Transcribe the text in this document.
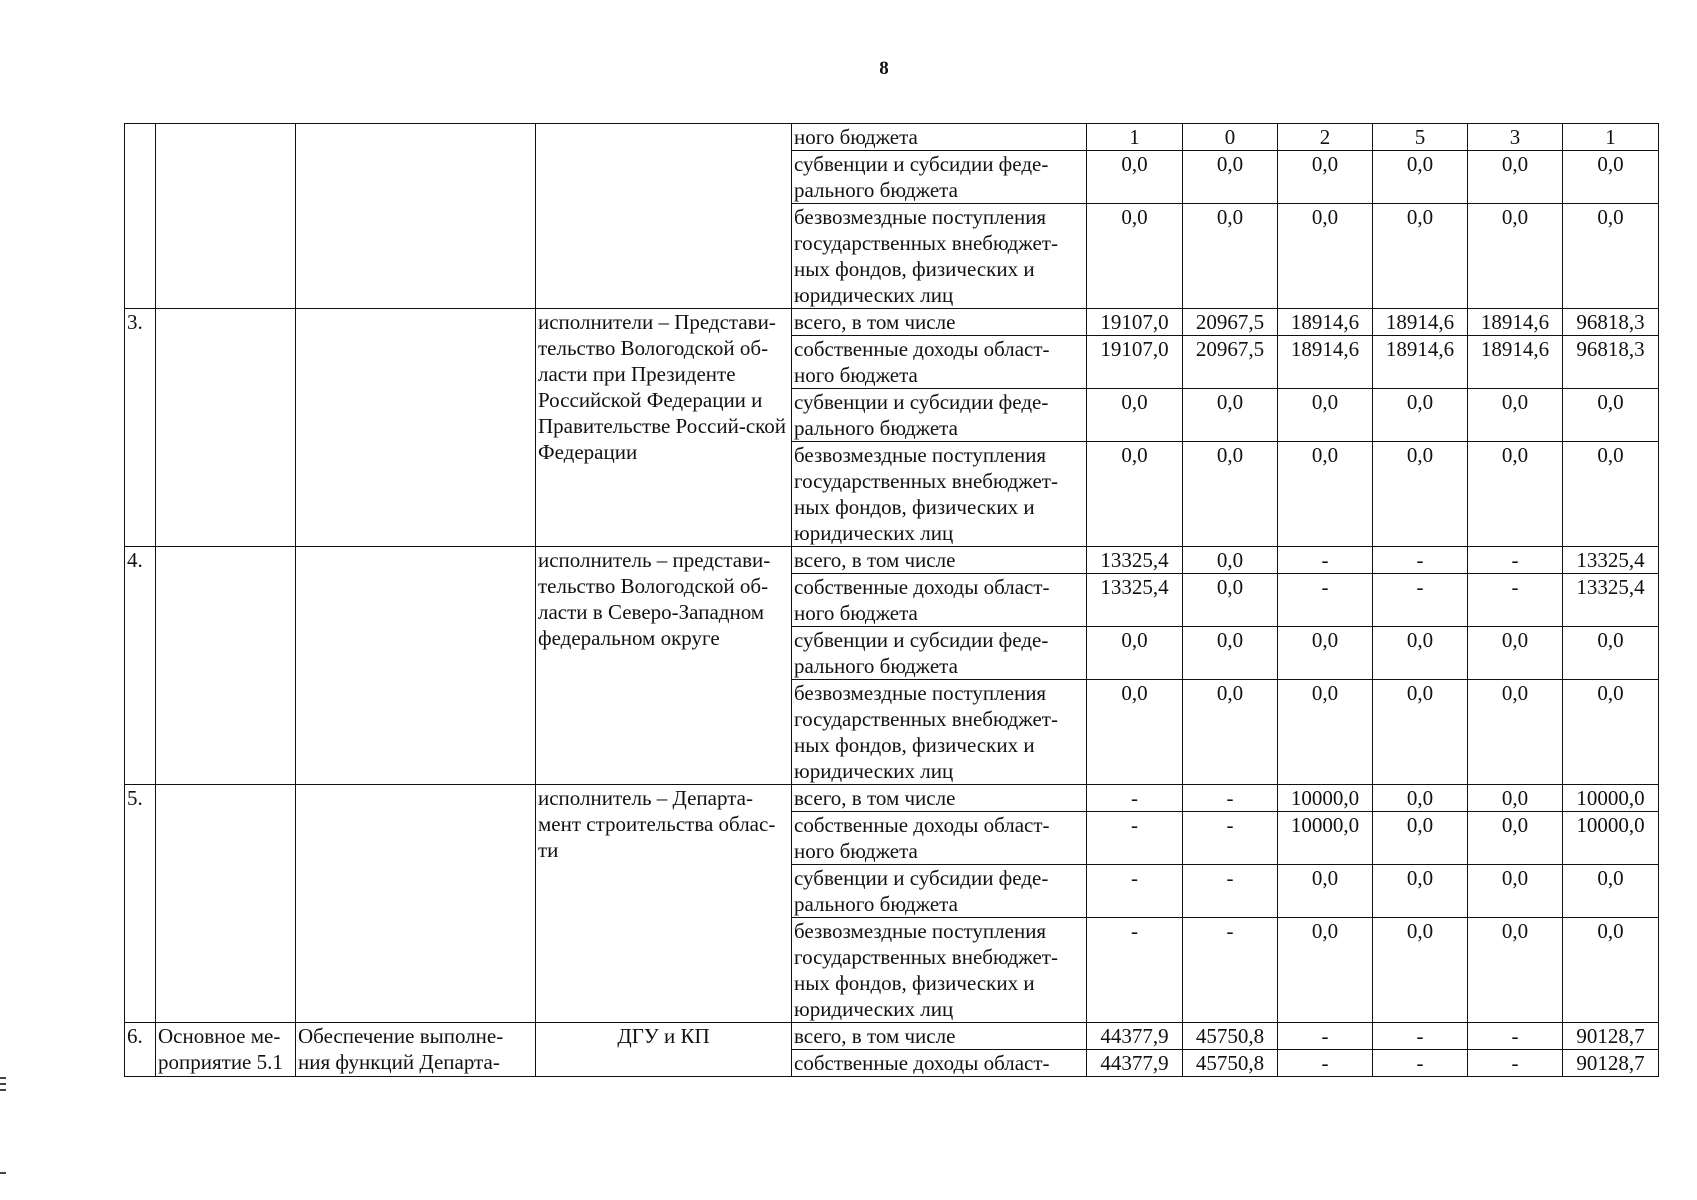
8
				ного бюджета	1	0	2	5	3	1
				субвенции и субсидии феде- рального бюджета	0,0	0,0	0,0	0,0	0,0	0,0
				безвозмездные поступления государственных внебюджет-ных фондов, физических и юридических лиц	0,0	0,0	0,0	0,0	0,0	0,0
3.			исполнители – Представи-тельство Вологодской об-ласти при Президенте Российской Федерации и Правительстве Россий-ской Федерации	всего, в том числе	19107,0	20967,5	18914,6	18914,6	18914,6	96818,3
				собственные доходы област-ного бюджета	19107,0	20967,5	18914,6	18914,6	18914,6	96818,3
				субвенции и субсидии феде-рального бюджета	0,0	0,0	0,0	0,0	0,0	0,0
				безвозмездные поступления государственных внебюджет-ных фондов, физических и юридических лиц	0,0	0,0	0,0	0,0	0,0	0,0
4.			исполнитель – представи-тельство Вологодской об-ласти в Северо-Западном федеральном округе	всего, в том числе	13325,4	0,0	-	-	-	13325,4
				собственные доходы област-ного бюджета	13325,4	0,0	-	-	-	13325,4
				субвенции и субсидии феде-рального бюджета	0,0	0,0	0,0	0,0	0,0	0,0
				безвозмездные поступления государственных внебюджет-ных фондов, физических и юридических лиц	0,0	0,0	0,0	0,0	0,0	0,0
5.			исполнитель – Департа-мент строительства облас-ти	всего, в том числе	-	-	10000,0	0,0	0,0	10000,0
				собственные доходы област-ного бюджета	-	-	10000,0	0,0	0,0	10000,0
				субвенции и субсидии феде-рального бюджета	-	-	0,0	0,0	0,0	0,0
				безвозмездные поступления государственных внебюджет-ных фондов, физических и юридических лиц	-	-	0,0	0,0	0,0	0,0
6.	Основное ме-роприятие 5.1	Обеспечение выполне-ния функций Департа-	ДГУ и КП	всего, в том числе	44377,9	45750,8	-	-	-	90128,7
				собственные доходы област-	44377,9	45750,8	-	-	-	90128,7
